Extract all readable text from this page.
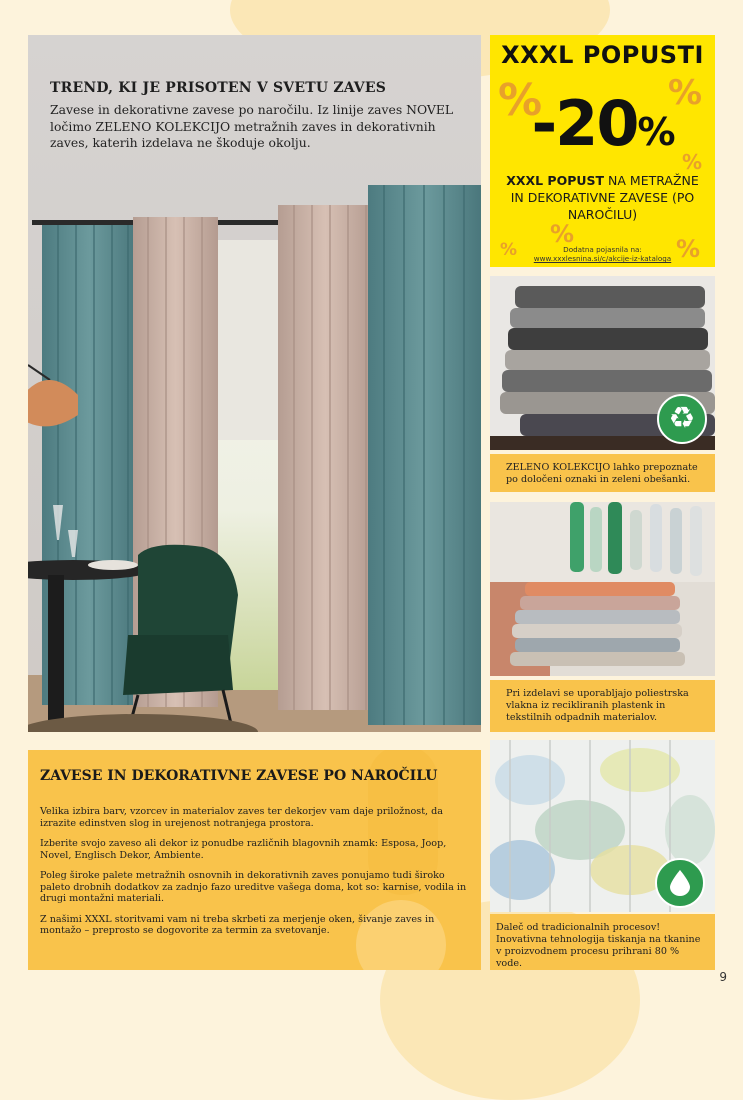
TREND, KI JE PRISOTEN V SVETU ZAVES

Zavese in dekorativne zavese po naročilu. Iz linije zaves NOVEL ločimo ZELENO KOLEKCIJO metražnih zaves in dekorativnih zaves, katerih izdelava ne škoduje okolju.

%	%
%
%
%	%
XXXL POPUSTI
-20%
XXXL POPUST NA METRAŽNE IN DEKORATIVNE ZAVESE (PO NAROČILU)
Dodatna pojasnila na:
www.xxxlesnina.si/c/akcije-iz-kataloga
♻
ZELENO KOLEKCIJO lahko prepoznate po določeni oznaki in zeleni obešanki.
Pri izdelavi se uporabljajo poliestrska vlakna iz recikliranih plastenk in tekstilnih odpadnih materialov.
Daleč od tradicionalnih procesov! Inovativna tehnologija tiskanja na tkanine v proizvodnem procesu prihrani 80 % vode.
ZAVESE IN DEKORATIVNE ZAVESE PO NAROČILU

Velika izbira barv, vzorcev in materialov zaves ter dekorjev vam daje priložnost, da izrazite edinstven slog in urejenost notranjega prostora.

Izberite svojo zaveso ali dekor iz ponudbe različnih blagovnih znamk: Esposa, Joop, Novel, Englisch Dekor, Ambiente.

Poleg široke palete metražnih osnovnih in dekorativnih zaves ponujamo tudi široko paleto drobnih dodatkov za zadnjo fazo ureditve vašega doma, kot so: karnise, vodila in drugi montažni materiali.

Z našimi XXXL storitvami vam ni treba skrbeti za merjenje oken, šivanje zaves in montažo – preprosto se dogovorite za termin za svetovanje.

9
